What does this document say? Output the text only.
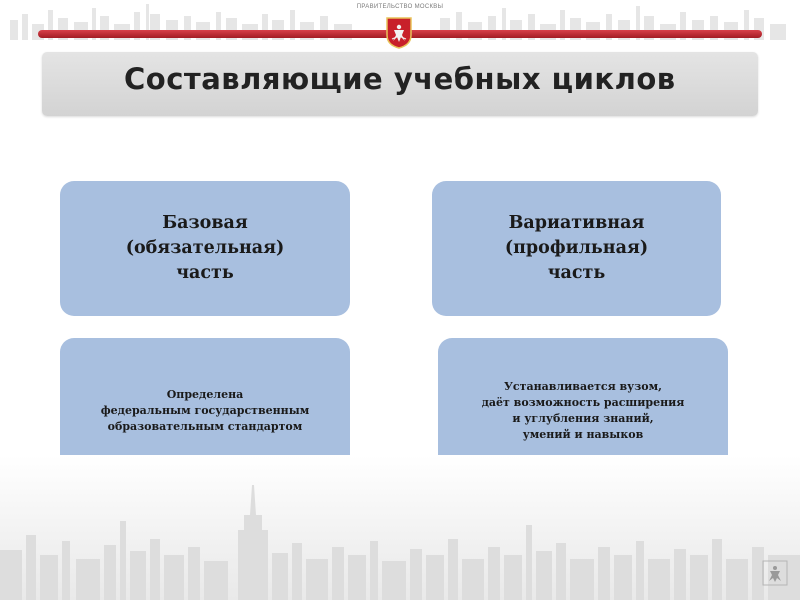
ПРАВИТЕЛЬСТВО МОСКВЫ
Составляющие учебных циклов
Базовая
(обязательная)
часть
Вариативная
(профильная)
часть
Определена
федеральным государственным
образовательным стандартом
Устанавливается вузом,
даёт возможность расширения
и углубления знаний,
умений и навыков
